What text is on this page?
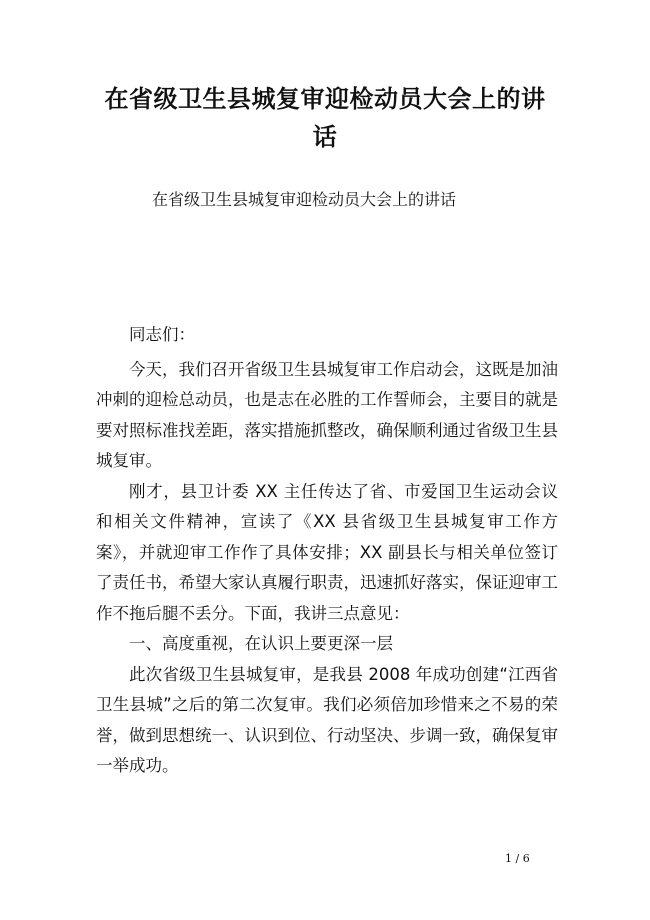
在省级卫生县城复审迎检动员大会上的讲话

在省级卫生县城复审迎检动员大会上的讲话

同志们：

今天，我们召开省级卫生县城复审工作启动会，这既是加油冲刺的迎检总动员，也是志在必胜的工作誓师会，主要目的就是要对照标准找差距，落实措施抓整改，确保顺利通过省级卫生县城复审。

刚才，县卫计委 XX 主任传达了省、市爱国卫生运动会议和相关文件精神，宣读了《XX 县省级卫生县城复审工作方案》，并就迎审工作作了具体安排；XX 副县长与相关单位签订了责任书，希望大家认真履行职责，迅速抓好落实，保证迎审工作不拖后腿不丢分。下面，我讲三点意见：

一、高度重视，在认识上要更深一层

此次省级卫生县城复审，是我县 2008 年成功创建“江西省卫生县城”之后的第二次复审。我们必须倍加珍惜来之不易的荣誉，做到思想统一、认识到位、行动坚决、步调一致，确保复审一举成功。

1 / 6
